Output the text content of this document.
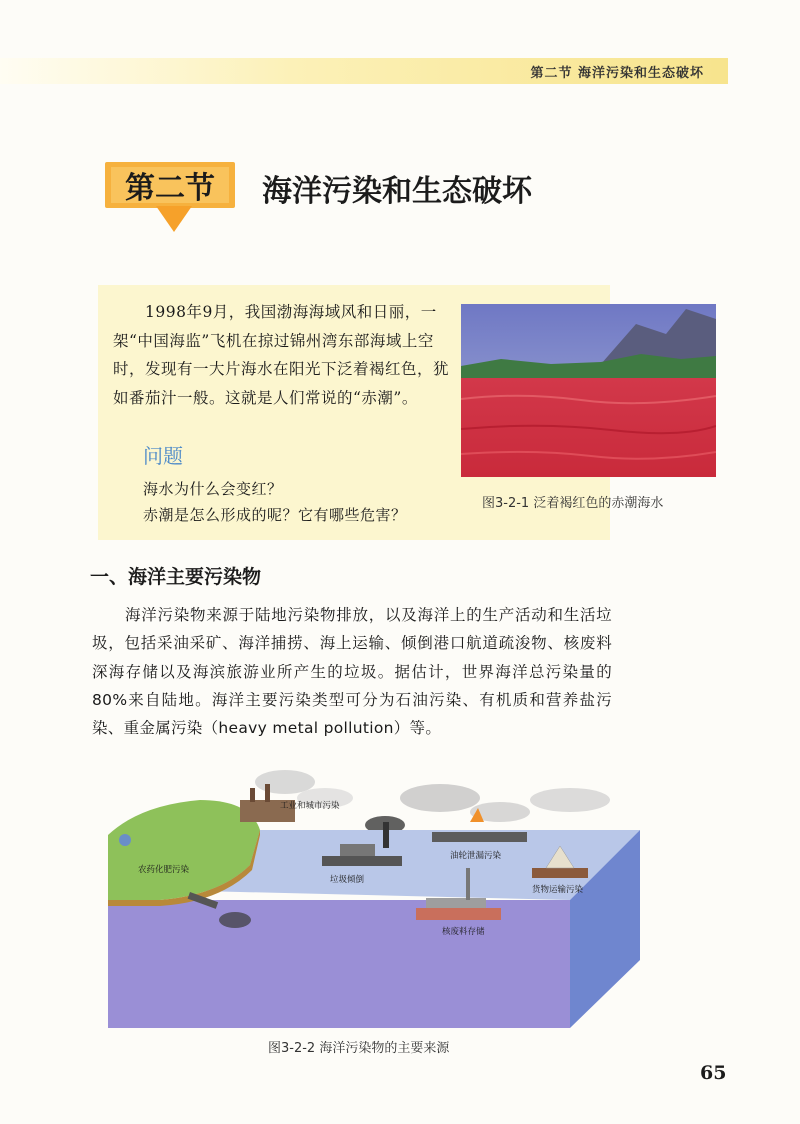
第二节 海洋污染和生态破坏
第二节	海洋污染和生态破坏
1998年9月，我国渤海海域风和日丽，一架“中国海监”飞机在掠过锦州湾东部海域上空时，发现有一大片海水在阳光下泛着褐红色，犹如番茄汁一般。这就是人们常说的“赤潮”。
问题
海水为什么会变红？
赤潮是怎么形成的呢？它有哪些危害？
图3-2-1 泛着褐红色的赤潮海水
一、海洋主要污染物
海洋污染物来源于陆地污染物排放，以及海洋上的生产活动和生活垃圾，包括采油采矿、海洋捕捞、海上运输、倾倒港口航道疏浚物、核废料深海存储以及海滨旅游业所产生的垃圾。据估计，世界海洋总污染量的80%来自陆地。海洋主要污染类型可分为石油污染、有机质和营养盐污染、重金属污染（heavy metal pollution）等。
工业和城市污染
农药化肥污染
垃圾倾倒
油轮泄漏污染
货物运输污染
核废料存储
图3-2-2 海洋污染物的主要来源
65
